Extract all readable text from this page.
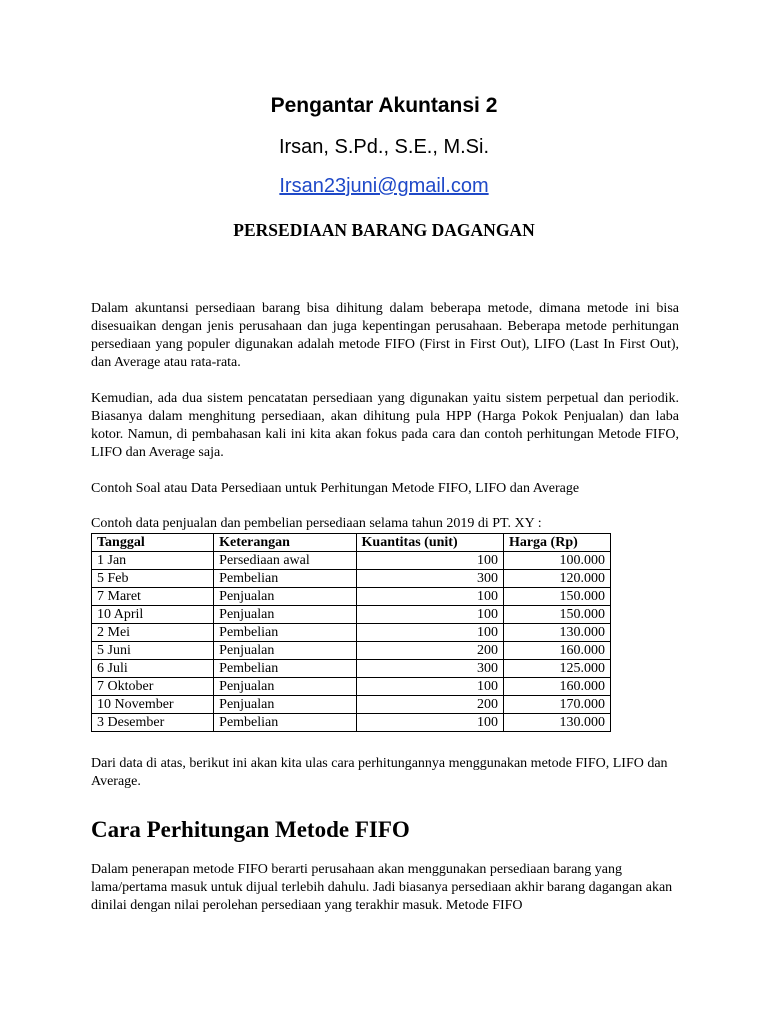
Pengantar Akuntansi 2
Irsan, S.Pd., S.E., M.Si.
Irsan23juni@gmail.com
PERSEDIAAN BARANG DAGANGAN

Dalam akuntansi persediaan barang bisa dihitung dalam beberapa metode, dimana metode ini bisa disesuaikan dengan jenis perusahaan dan juga kepentingan perusahaan. Beberapa metode perhitungan persediaan yang populer digunakan adalah metode FIFO (First in First Out), LIFO (Last In First Out), dan Average atau rata-rata.

Kemudian, ada dua sistem pencatatan persediaan yang digunakan yaitu sistem perpetual dan periodik. Biasanya dalam menghitung persediaan, akan dihitung pula HPP (Harga Pokok Penjualan) dan laba kotor. Namun, di pembahasan kali ini kita akan fokus pada cara dan contoh perhitungan Metode FIFO, LIFO dan Average saja.

Contoh Soal atau Data Persediaan untuk Perhitungan Metode FIFO, LIFO dan Average

Contoh data penjualan dan pembelian persediaan selama tahun 2019 di PT. XY :

Tanggal	Keterangan	Kuantitas (unit)	Harga (Rp)
1 Jan	Persediaan awal	100	100.000
5 Feb	Pembelian	300	120.000
7 Maret	Penjualan	100	150.000
10 April	Penjualan	100	150.000
2 Mei	Pembelian	100	130.000
5 Juni	Penjualan	200	160.000
6 Juli	Pembelian	300	125.000
7 Oktober	Penjualan	100	160.000
10 November	Penjualan	200	170.000
3 Desember	Pembelian	100	130.000

Dari data di atas, berikut ini akan kita ulas cara perhitungannya menggunakan metode FIFO, LIFO dan Average.

Cara Perhitungan Metode FIFO

Dalam penerapan metode FIFO berarti perusahaan akan menggunakan persediaan barang yang lama/pertama masuk untuk dijual terlebih dahulu. Jadi biasanya persediaan akhir barang dagangan akan dinilai dengan nilai perolehan persediaan yang terakhir masuk. Metode FIFO
